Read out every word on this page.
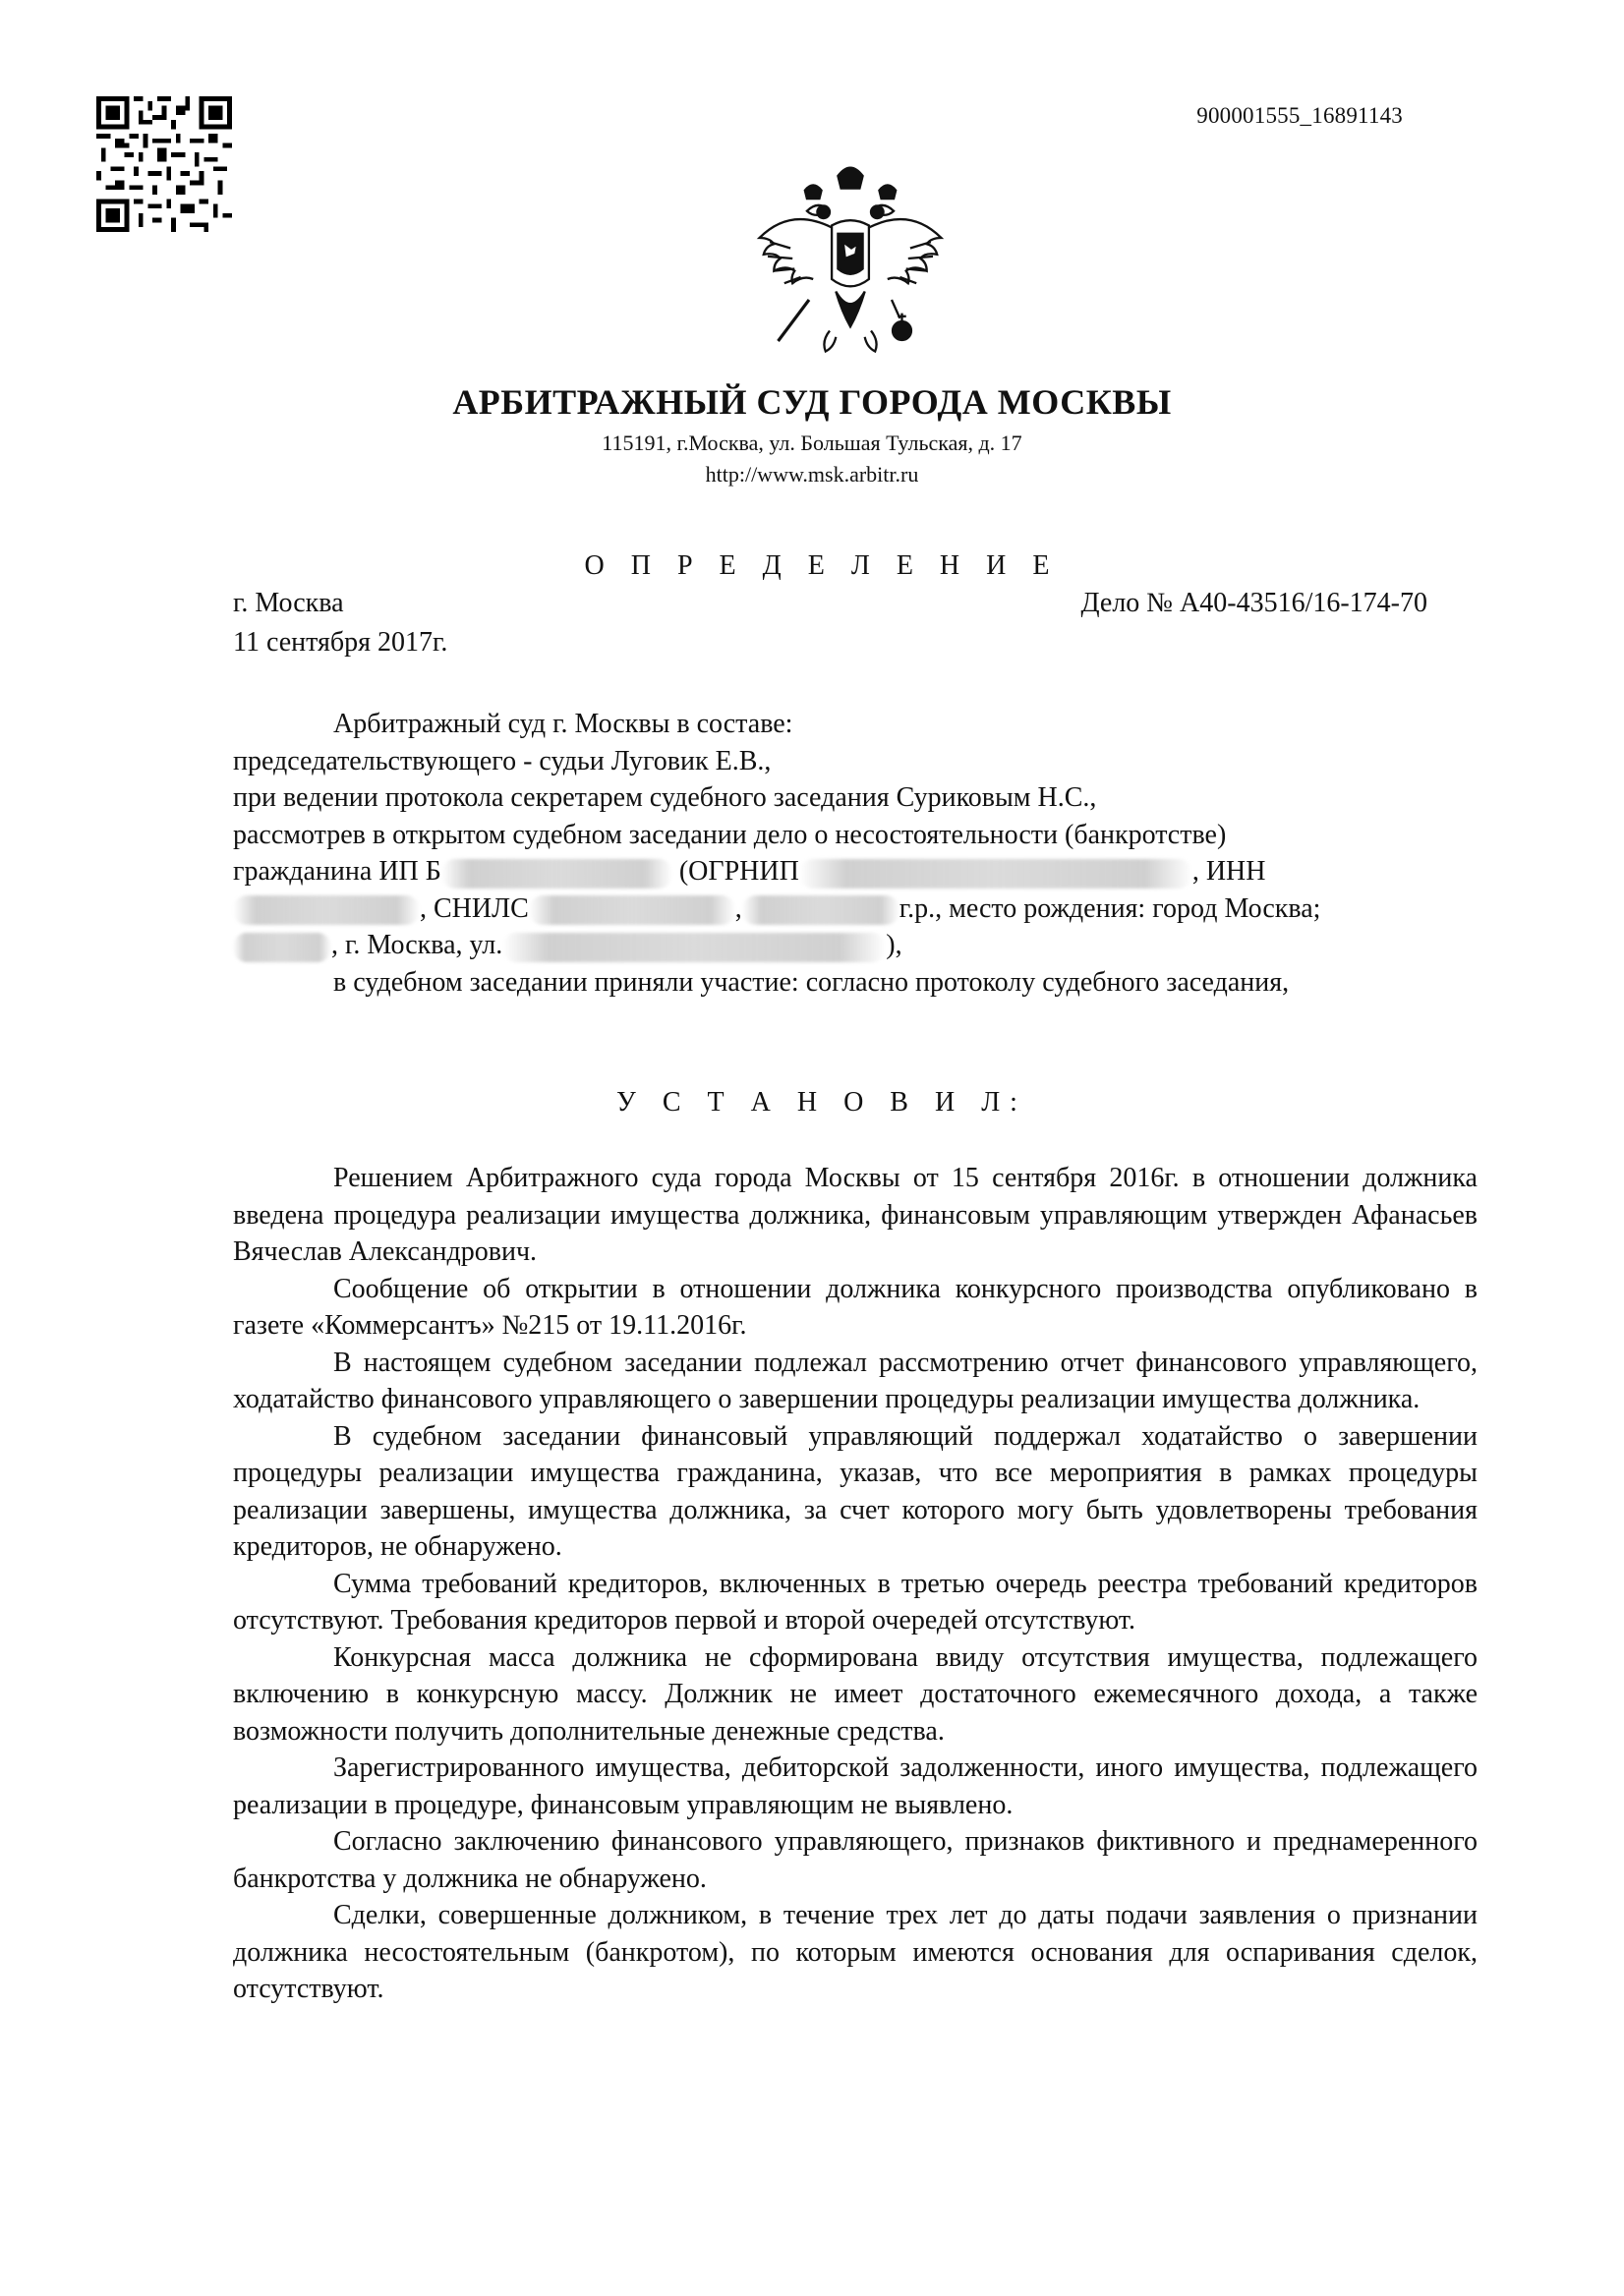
900001555_16891143
АРБИТРАЖНЫЙ СУД ГОРОДА МОСКВЫ
115191, г.Москва, ул. Большая Тульская, д. 17
http://www.msk.arbitr.ru
О П Р Е Д Е Л Е Н И Е
г. Москва	Дело № А40-43516/16-174-70
11 сентября 2017г.
Арбитражный суд г. Москвы в составе:
председательствующего - судьи Луговик Е.В.,
при ведении протокола секретарем судебного заседания Суриковым Н.С.,
рассмотрев в открытом судебном заседании дело о несостоятельности (банкротстве)
гражданина ИП Б	(ОГРНИП	, ИНН
, СНИЛС	,	г.р., место рождения: город Москва;
, г. Москва, ул.	),

в судебном заседании приняли участие: согласно протоколу судебного заседания,

У С Т А Н О В И Л:

Решением Арбитражного суда города Москвы от 15 сентября 2016г. в отношении должника введена процедура реализации имущества должника, финансовым управляющим утвержден Афанасьев Вячеслав Александрович.

Сообщение об открытии в отношении должника конкурсного производства опубликовано в газете «Коммерсантъ» №215 от 19.11.2016г.

В настоящем судебном заседании подлежал рассмотрению отчет финансового управляющего, ходатайство финансового управляющего о завершении процедуры реализации имущества должника.

В судебном заседании финансовый управляющий поддержал ходатайство о завершении процедуры реализации имущества гражданина, указав, что все мероприятия в рамках процедуры реализации завершены, имущества должника, за счет которого могу быть удовлетворены требования кредиторов, не обнаружено.

Сумма требований кредиторов, включенных в третью очередь реестра требований кредиторов отсутствуют. Требования кредиторов первой и второй очередей отсутствуют.

Конкурсная масса должника не сформирована ввиду отсутствия имущества, подлежащего включению в конкурсную массу. Должник не имеет достаточного ежемесячного дохода, а также возможности получить дополнительные денежные средства.

Зарегистрированного имущества, дебиторской задолженности, иного имущества, подлежащего реализации в процедуре, финансовым управляющим не выявлено.

Согласно заключению финансового управляющего, признаков фиктивного и преднамеренного банкротства у должника не обнаружено.

Сделки, совершенные должником, в течение трех лет до даты подачи заявления о признании должника несостоятельным (банкротом), по которым имеются основания для оспаривания сделок, отсутствуют.
